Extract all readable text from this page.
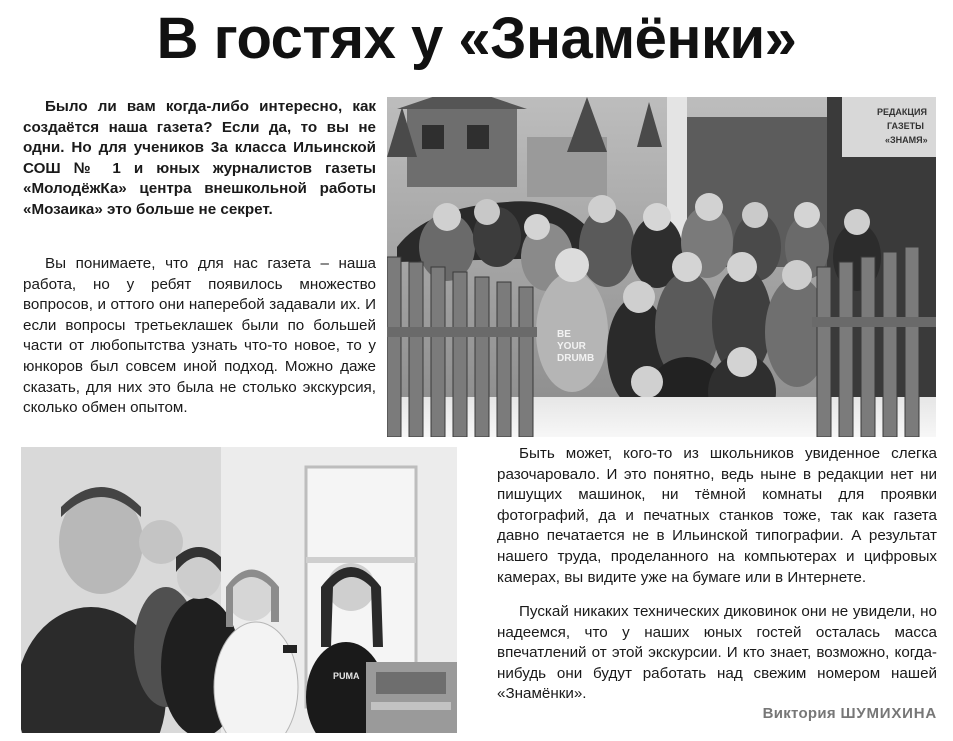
В гостях у «Знамёнки»

Было ли вам когда-либо интересно, как создаётся наша газета? Если да, то вы не одни. Но для учеников 3а класса Ильинской СОШ № 1 и юных журналистов газеты «МолодёжКа» центра внешкольной работы «Мозаика» это больше не секрет.

Вы понимаете, что для нас газета – наша работа, но у ребят появилось множество вопросов, и оттого они наперебой задавали их. И если вопросы третьеклашек были по большей части от любопытства узнать что-то новое, то у юнкоров был совсем иной подход. Можно даже сказать, для них это была не столько экскурсия, сколько обмен опытом.

РЕДАКЦИЯ
ГАЗЕТЫ
«ЗНАМЯ»
BE
YOUR
DRUMB
PUMA

Быть может, кого-то из школьников увиденное слегка разочаровало. И это понятно, ведь ныне в редакции нет ни пишущих машинок, ни тёмной комнаты для проявки фотографий, да и печатных станков тоже, так как газета давно печатается не в Ильинской типографии. А результат нашего труда, проделанного на компьютерах и цифровых камерах, вы видите уже на бумаге или в Интернете.

Пускай никаких технических диковинок они не увидели, но надеемся, что у наших юных гостей осталась масса впечатлений от этой экскурсии. И кто знает, возможно, когда-нибудь они будут работать над свежим номером нашей «Знамёнки».

Виктория ШУМИХИНА
